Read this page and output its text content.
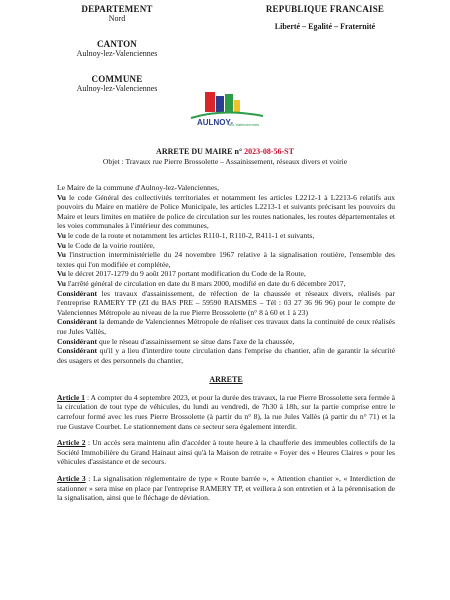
DEPARTEMENT
Nord
CANTON
Aulnoy-lez-Valenciennes
COMMUNE
Aulnoy-lez-Valenciennes
REPUBLIQUE FRANCAISE
Liberté – Egalité – Fraternité
AULNOY-
lez-Valenciennes
ARRETE DU MAIRE n° 2023-08-56-ST
Objet : Travaux rue Pierre Brossolette – Assainissement, réseaux divers et voirie

Le Maire de la commune d'Aulnoy-lez-Valenciennes,

Vu le code Général des collectivités territoriales et notamment les articles L2212-1 à L2213-6 relatifs aux pouvoirs du Maire en matière de Police Municipale, les articles L2213-1 et suivants précisant les pouvoirs du Maire et leurs limites en matière de police de circulation sur les routes nationales, les routes départementales et les voies communales à l'intérieur des communes,

Vu le code de la route et notamment les articles R110-1, R110-2, R411-1 et suivants,

Vu le Code de la voirie routière,

Vu l'instruction interministérielle du 24 novembre 1967 relative à la signalisation routière, l'ensemble des textes qui l'on modifiée et complétée,

Vu le décret 2017-1279 du 9 août 2017 portant modification du Code de la Route,

Vu l'arrêté général de circulation en date du 8 mars 2000, modifié en date du 6 décembre 2017,

Considérant les travaux d'assainissement, de réfection de la chaussée et réseaux divers, réalisés par l'entreprise RAMERY TP (ZI du BAS PRE – 59590 RAISMES – Tél : 03 27 36 96 96) pour le compte de Valenciennes Métropole au niveau de la rue Pierre Brossolette (n° 8 à 60 et 1 à 23)

Considérant la demande de Valenciennes Métropole de réaliser ces travaux dans la continuité de ceux réalisés rue Jules Vallès,

Considérant que le réseau d'assainissement se situe dans l'axe de la chaussée,

Considérant qu'il y a lieu d'interdire toute circulation dans l'emprise du chantier, afin de garantir la sécurité des usagers et des personnels du chantier,

ARRETE

Article 1 : A compter du 4 septembre 2023, et pour la durée des travaux, la rue Pierre Brossolette sera fermée à la circulation de tout type de véhicules, du lundi au vendredi, de 7h30 à 18h, sur la partie comprise entre le carrefour formé avec les rues Pierre Brossolette (à partir du n° 8), la rue Jules Vallès (à partir du n° 71) et la rue Gustave Courbet. Le stationnement dans ce secteur sera également interdit.

Article 2 : Un accès sera maintenu afin d'accéder à toute heure à la chaufferie des immeubles collectifs de la Société Immobilière du Grand Hainaut ainsi qu'à la Maison de retraite « Foyer des « Heures Claires » pour les véhicules d'assistance et de secours.

Article 3 : La signalisation réglementaire de type « Route barrée », « Attention chantier », « Interdiction de stationner » sera mise en place par l'entreprise RAMERY TP, et veillera à son entretien et à la pérennisation de la signalisation, ainsi que le fléchage de déviation.
